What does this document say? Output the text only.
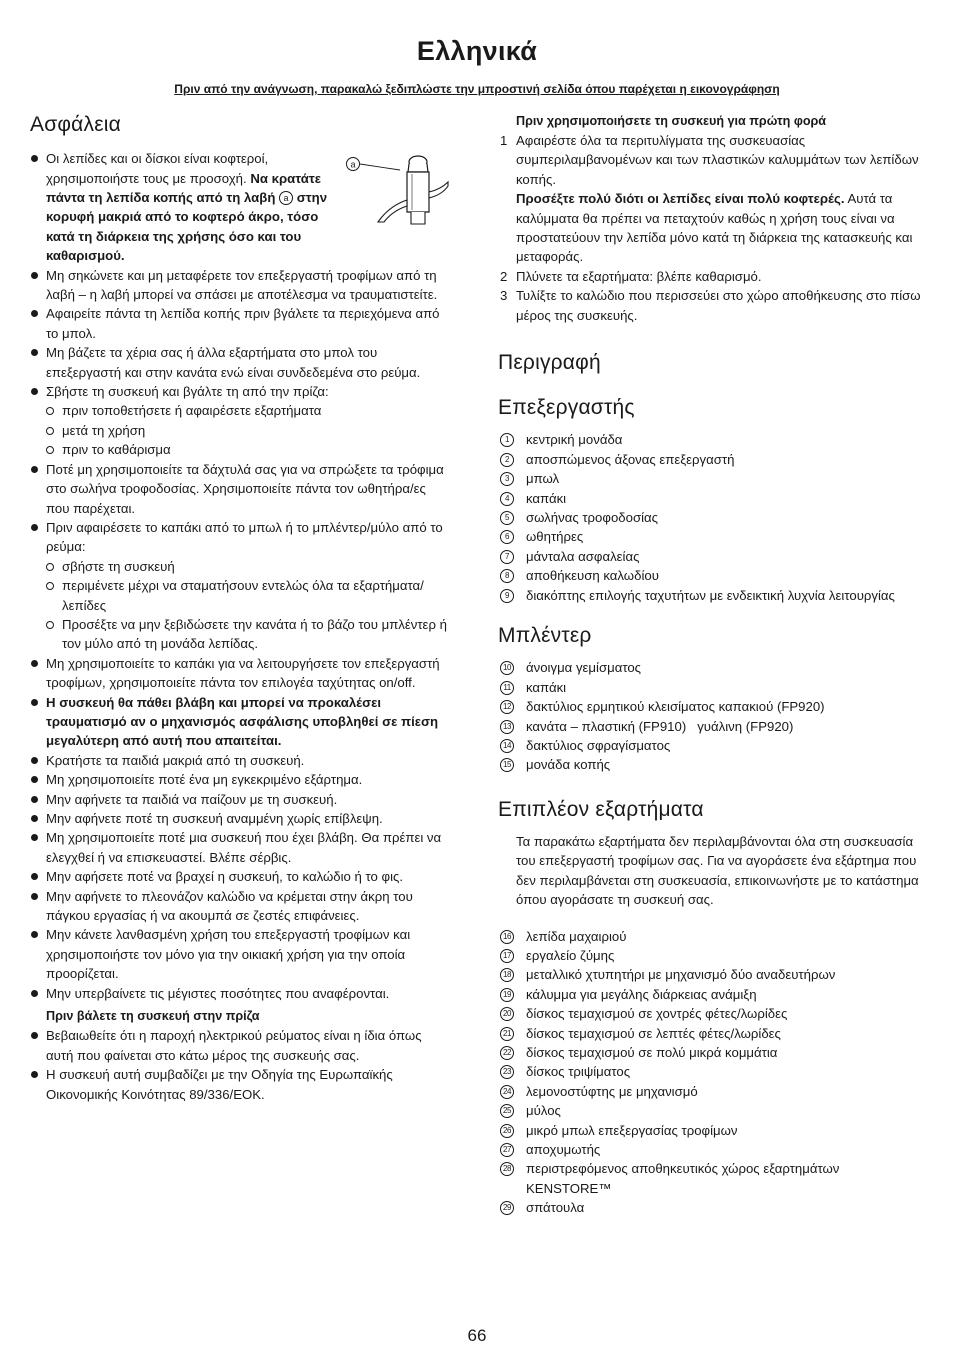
Ελληνικά
Πριν από την ανάγνωση, παρακαλώ ξεδιπλώστε την μπροστινή σελίδα όπου παρέχεται η εικονογράφηση
Ασφάλεια
a
Οι λεπίδες και οι δίσκοι είναι κοφτεροί, χρησιμοποιήστε τους με προσοχή. Να κρατάτε πάντα τη λεπίδα κοπής από τη λαβή a στην κορυφή μακριά από το κοφτερό άκρο, τόσο κατά τη διάρκεια της χρήσης όσο και του καθαρισμού.
Μη σηκώνετε και μη μεταφέρετε τον επεξεργαστή τροφίμων από τη λαβή – η λαβή μπορεί να σπάσει με αποτέλεσμα να τραυματιστείτε.
Αφαιρείτε πάντα τη λεπίδα κοπής πριν βγάλετε τα περιεχόμενα από το μπολ.
Μη βάζετε τα χέρια σας ή άλλα εξαρτήματα στο μπολ του επεξεργαστή και στην κανάτα ενώ είναι συνδεδεμένα στο ρεύμα.
Σβήστε τη συσκευή και βγάλτε τη από την πρίζα:
πριν τοποθετήσετε ή αφαιρέσετε εξαρτήματα
μετά τη χρήση
πριν το καθάρισμα
Ποτέ μη χρησιμοποιείτε τα δάχτυλά σας για να σπρώξετε τα τρόφιμα στο σωλήνα τροφοδοσίας. Χρησιμοποιείτε πάντα τον ωθητήρα/ες που παρέχεται.
Πριν αφαιρέσετε το καπάκι από το μπωλ ή το μπλέντερ/μύλο από το ρεύμα:
σβήστε τη συσκευή
περιμένετε μέχρι να σταματήσουν εντελώς όλα τα εξαρτήματα/λεπίδες
Προσέξτε να μην ξεβιδώσετε την κανάτα ή το βάζο του μπλέντερ ή τον μύλο από τη μονάδα λεπίδας.
Μη χρησιμοποιείτε το καπάκι για να λειτουργήσετε τον επεξεργαστή τροφίμων, χρησιμοποιείτε πάντα τον επιλογέα ταχύτητας on/off.
Η συσκευή θα πάθει βλάβη και μπορεί να προκαλέσει τραυματισμό αν ο μηχανισμός ασφάλισης υποβληθεί σε πίεση μεγαλύτερη από αυτή που απαιτείται.
Κρατήστε τα παιδιά μακριά από τη συσκευή.
Μη χρησιμοποιείτε ποτέ ένα μη εγκεκριμένο εξάρτημα.
Μην αφήνετε τα παιδιά να παίζουν με τη συσκευή.
Μην αφήνετε ποτέ τη συσκευή αναμμένη χωρίς επίβλεψη.
Μη χρησιμοποιείτε ποτέ μια συσκευή που έχει βλάβη. Θα πρέπει να ελεγχθεί ή να επισκευαστεί. Βλέπε σέρβις.
Μην αφήσετε ποτέ να βραχεί η συσκευή, το καλώδιο ή το φις.
Μην αφήνετε το πλεονάζον καλώδιο να κρέμεται στην άκρη του πάγκου εργασίας ή να ακουμπά σε ζεστές επιφάνειες.
Μην κάνετε λανθασμένη χρήση του επεξεργαστή τροφίμων και χρησιμοποιήστε τον μόνο για την οικιακή χρήση για την οποία προορίζεται.
Μην υπερβαίνετε τις μέγιστες ποσότητες που αναφέρονται.
Πριν βάλετε τη συσκευή στην πρίζα
Βεβαιωθείτε ότι η παροχή ηλεκτρικού ρεύματος είναι η ίδια όπως αυτή που φαίνεται στο κάτω μέρος της συσκευής σας.
Η συσκευή αυτή συμβαδίζει με την Οδηγία της Ευρωπαϊκής Οικονομικής Κοινότητας 89/336/ΕΟΚ.
Πριν χρησιμοποιήσετε τη συσκευή για πρώτη φορά
1 Αφαιρέστε όλα τα περιτυλίγματα της συσκευασίας συμπεριλαμβανομένων και των πλαστικών καλυμμάτων των λεπίδων κοπής.
Προσέξτε πολύ διότι οι λεπίδες είναι πολύ κοφτερές. Αυτά τα καλύμματα θα πρέπει να πεταχτούν καθώς η χρήση τους είναι να προστατεύουν την λεπίδα μόνο κατά τη διάρκεια της κατασκευής και μεταφοράς.
2 Πλύνετε τα εξαρτήματα: βλέπε καθαρισμό.
3 Τυλίξτε το καλώδιο που περισσεύει στο χώρο αποθήκευσης στο πίσω μέρος της συσκευής.
Περιγραφή
Επεξεργαστής
1	κεντρική μονάδα
2	αποσπώμενος άξονας επεξεργαστή
3	μπωλ
4	καπάκι
5	σωλήνας τροφοδοσίας
6	ωθητήρες
7	μάνταλα ασφαλείας
8	αποθήκευση καλωδίου
9	διακόπτης επιλογής ταχυτήτων με ενδεικτική λυχνία λειτουργίας
Μπλέντερ
10 άνοιγμα γεμίσματος
11 καπάκι
12 δακτύλιος ερμητικού κλεισίματος καπακιού (FP920)
13 κανάτα – πλαστική (FP910)   γυάλινη (FP920)
14 δακτύλιος σφραγίσματος
15 μονάδα κοπής
Επιπλέον εξαρτήματα
Τα παρακάτω εξαρτήματα δεν περιλαμβάνονται όλα στη συσκευασία του επεξεργαστή τροφίμων σας. Για να αγοράσετε ένα εξάρτημα που δεν περιλαμβάνεται στη συσκευασία, επικοινωνήστε με το κατάστημα όπου αγοράσατε τη συσκευή σας.
16 λεπίδα μαχαιριού
17 εργαλείο ζύμης
18 μεταλλικό χτυπητήρι με μηχανισμό δύο αναδευτήρων
19 κάλυμμα για μεγάλης διάρκειας ανάμιξη
20 δίσκος τεμαχισμού σε χοντρές φέτες/λωρίδες
21 δίσκος τεμαχισμού σε λεπτές φέτες/λωρίδες
22 δίσκος τεμαχισμού σε πολύ μικρά κομμάτια
23 δίσκος τριψίματος
24 λεμονοστύφτης με μηχανισμό
25 μύλος
26 μικρό μπωλ επεξεργασίας τροφίμων
27 αποχυμωτής
28 περιστρεφόμενος αποθηκευτικός χώρος εξαρτημάτων KENSTORE™
29 σπάτουλα
66
